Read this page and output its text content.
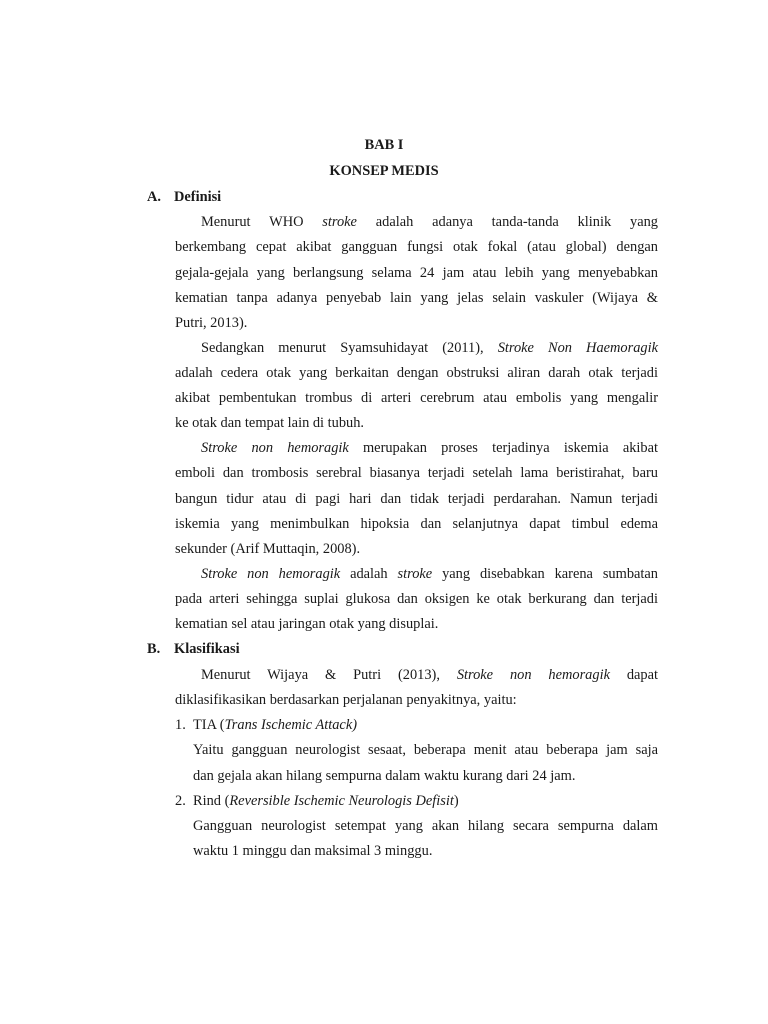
BAB I
KONSEP MEDIS
A. Definisi
Menurut WHO stroke adalah adanya tanda-tanda klinik yang
berkembang cepat akibat gangguan fungsi otak fokal (atau global) dengan
gejala-gejala yang berlangsung selama 24 jam atau lebih yang menyebabkan
kematian tanpa adanya penyebab lain yang jelas selain vaskuler (Wijaya &
Putri, 2013).
Sedangkan menurut Syamsuhidayat (2011), Stroke Non Haemoragik
adalah cedera otak yang berkaitan dengan obstruksi aliran darah otak terjadi
akibat pembentukan trombus di arteri cerebrum atau embolis yang mengalir
ke otak dan tempat lain di tubuh.
Stroke non hemoragik merupakan proses terjadinya iskemia akibat
emboli dan trombosis serebral biasanya terjadi setelah lama beristirahat, baru
bangun tidur atau di pagi hari dan tidak terjadi perdarahan. Namun terjadi
iskemia yang menimbulkan hipoksia dan selanjutnya dapat timbul edema
sekunder (Arif Muttaqin, 2008).
Stroke non hemoragik adalah stroke yang disebabkan karena sumbatan
pada arteri sehingga suplai glukosa dan oksigen ke otak berkurang dan terjadi
kematian sel atau jaringan otak yang disuplai.
B. Klasifikasi
Menurut Wijaya & Putri (2013), Stroke non hemoragik dapat
diklasifikasikan berdasarkan perjalanan penyakitnya, yaitu:
1. TIA (Trans Ischemic Attack)
Yaitu gangguan neurologist sesaat, beberapa menit atau beberapa jam saja
dan gejala akan hilang sempurna dalam waktu kurang dari 24 jam.
2. Rind (Reversible Ischemic Neurologis Defisit)
Gangguan neurologist setempat yang akan hilang secara sempurna dalam
waktu 1 minggu dan maksimal 3 minggu.
